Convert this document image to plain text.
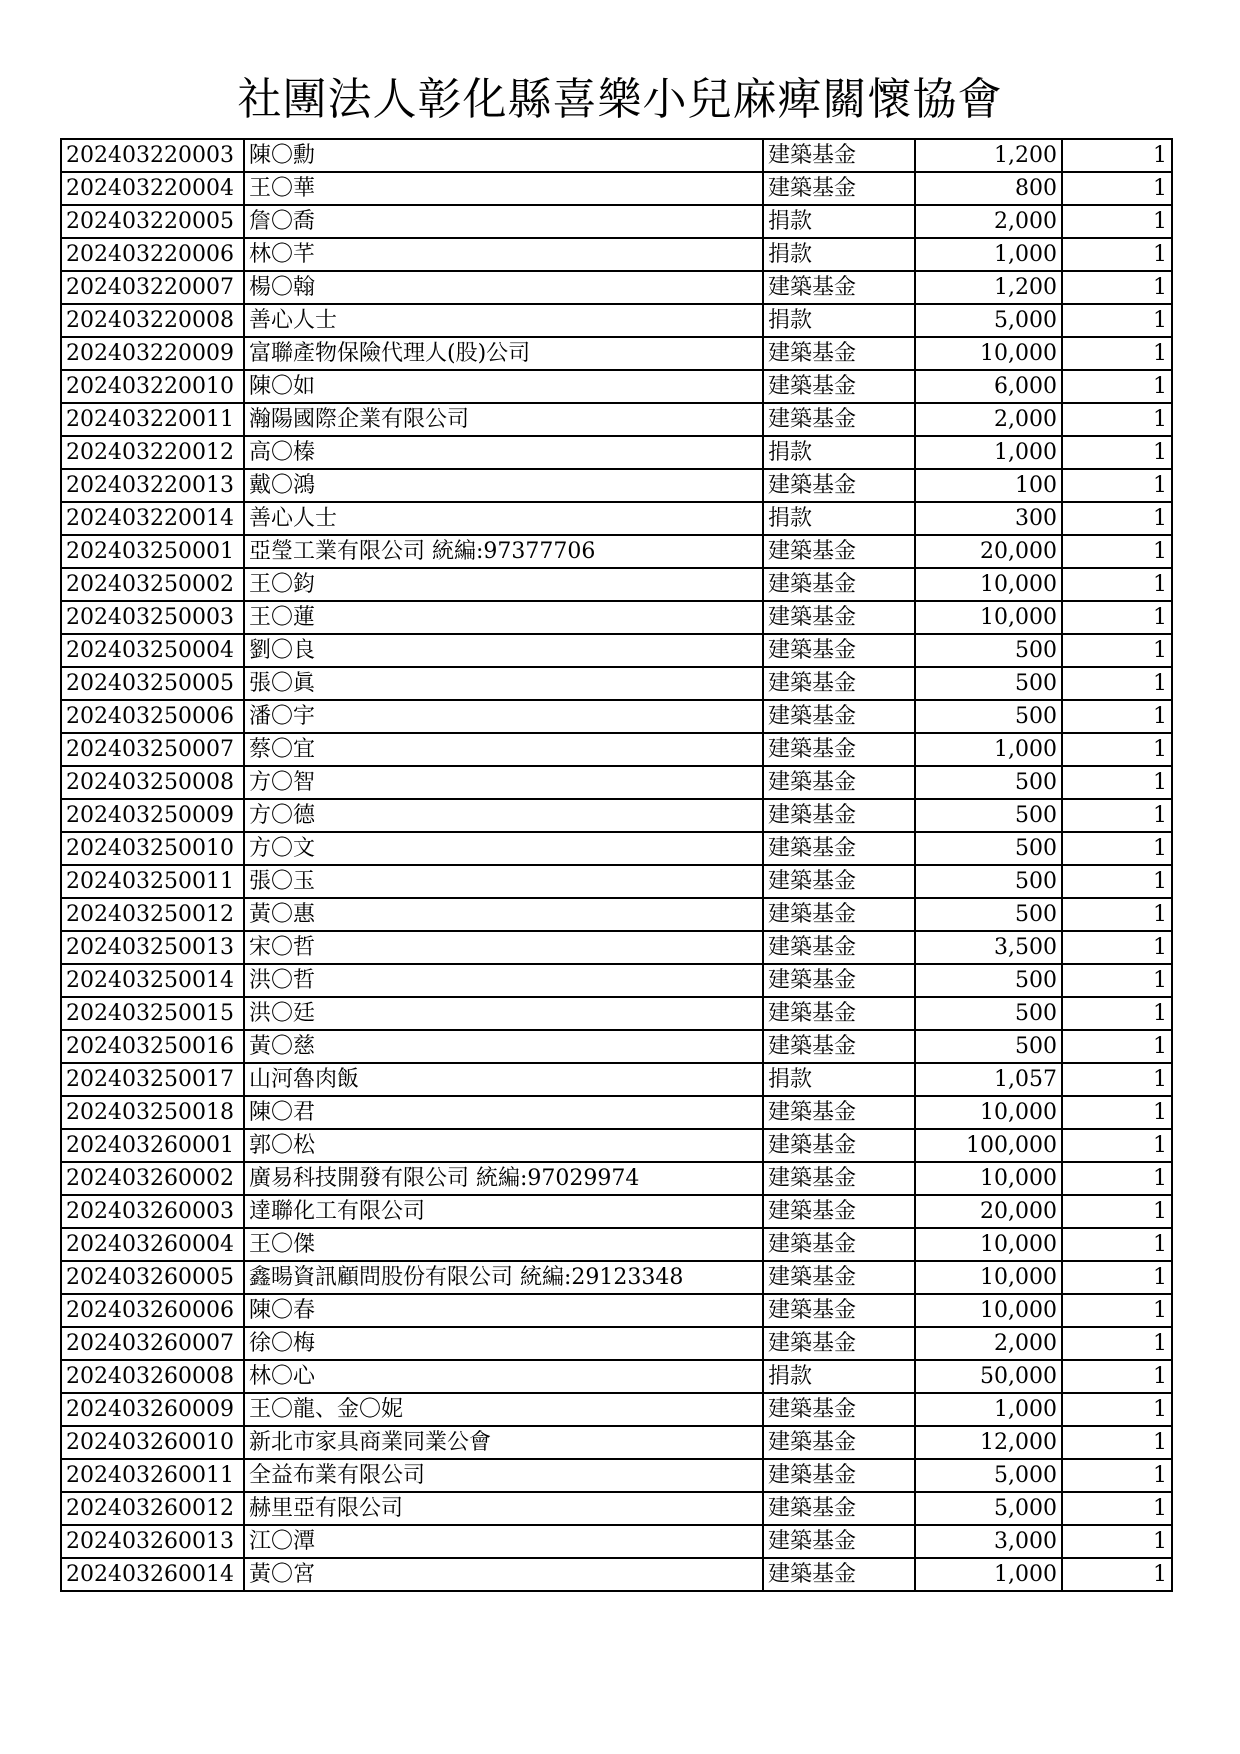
社團法人彰化縣喜樂小兒麻痺關懷協會
202403220003	陳〇勳	建築基金	1,200	1
202403220004	王〇華	建築基金	800	1
202403220005	詹〇喬	捐款	2,000	1
202403220006	林〇芊	捐款	1,000	1
202403220007	楊〇翰	建築基金	1,200	1
202403220008	善心人士	捐款	5,000	1
202403220009	富聯產物保險代理人(股)公司	建築基金	10,000	1
202403220010	陳〇如	建築基金	6,000	1
202403220011	瀚陽國際企業有限公司	建築基金	2,000	1
202403220012	高〇榛	捐款	1,000	1
202403220013	戴〇鴻	建築基金	100	1
202403220014	善心人士	捐款	300	1
202403250001	亞瑩工業有限公司 統編:97377706	建築基金	20,000	1
202403250002	王〇鈞	建築基金	10,000	1
202403250003	王〇蓮	建築基金	10,000	1
202403250004	劉〇良	建築基金	500	1
202403250005	張〇眞	建築基金	500	1
202403250006	潘〇宇	建築基金	500	1
202403250007	蔡〇宜	建築基金	1,000	1
202403250008	方〇智	建築基金	500	1
202403250009	方〇德	建築基金	500	1
202403250010	方〇文	建築基金	500	1
202403250011	張〇玉	建築基金	500	1
202403250012	黃〇惠	建築基金	500	1
202403250013	宋〇哲	建築基金	3,500	1
202403250014	洪〇哲	建築基金	500	1
202403250015	洪〇廷	建築基金	500	1
202403250016	黃〇慈	建築基金	500	1
202403250017	山河魯肉飯	捐款	1,057	1
202403250018	陳〇君	建築基金	10,000	1
202403260001	郭〇松	建築基金	100,000	1
202403260002	廣易科技開發有限公司 統編:97029974	建築基金	10,000	1
202403260003	達聯化工有限公司	建築基金	20,000	1
202403260004	王〇傑	建築基金	10,000	1
202403260005	鑫暘資訊顧問股份有限公司 統編:29123348	建築基金	10,000	1
202403260006	陳〇春	建築基金	10,000	1
202403260007	徐〇梅	建築基金	2,000	1
202403260008	林〇心	捐款	50,000	1
202403260009	王〇龍、金〇妮	建築基金	1,000	1
202403260010	新北市家具商業同業公會	建築基金	12,000	1
202403260011	全益布業有限公司	建築基金	5,000	1
202403260012	赫里亞有限公司	建築基金	5,000	1
202403260013	江〇潭	建築基金	3,000	1
202403260014	黃〇宮	建築基金	1,000	1
